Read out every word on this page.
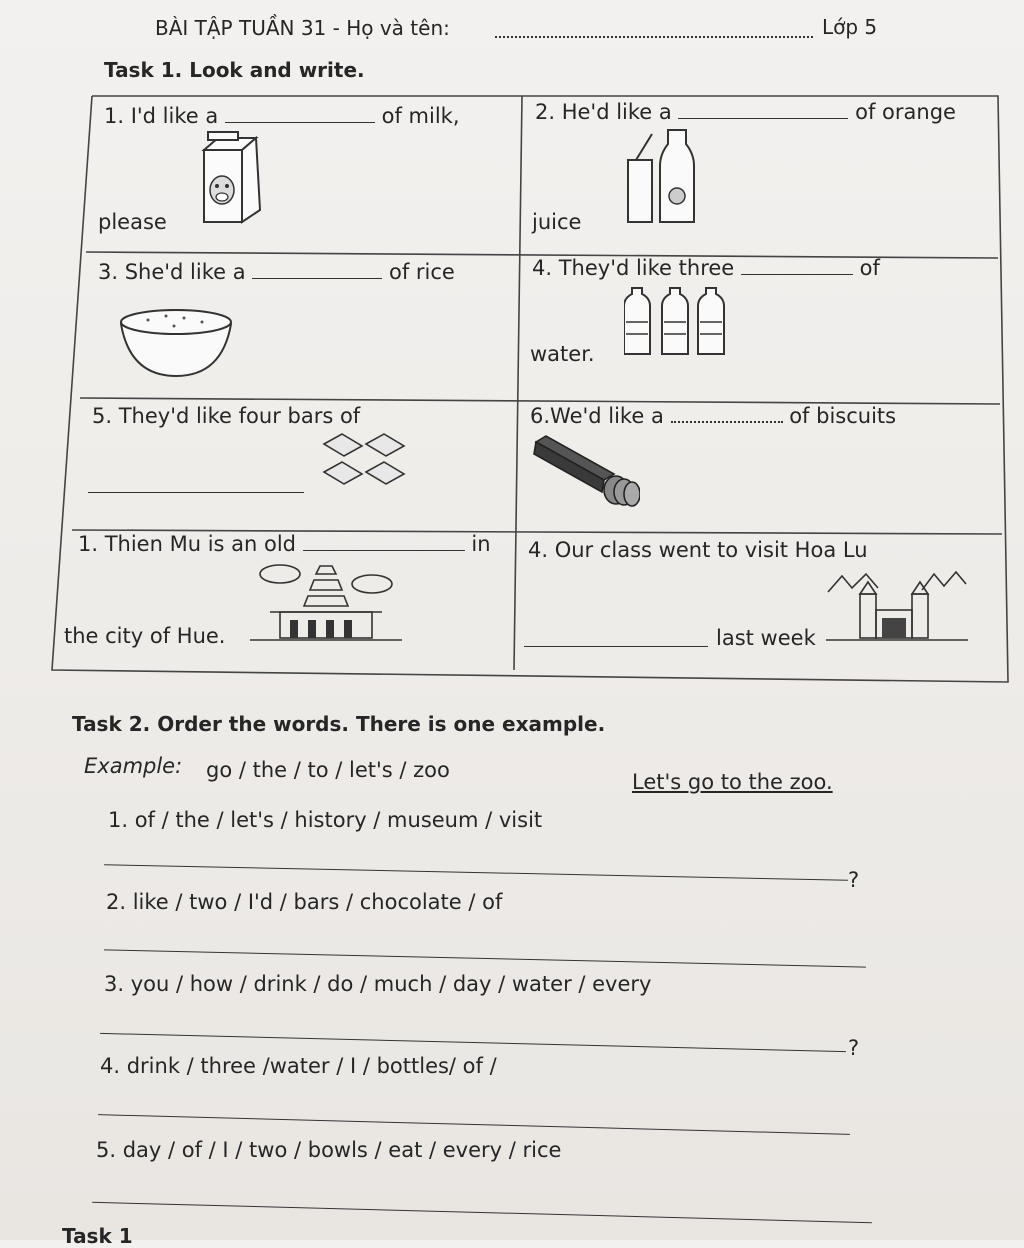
BÀI TẬP TUẦN 31 - Họ và tên:	Lớp 5
Task 1. Look and write.
1. I'd like a	of milk,
please
2. He'd like a	of orange
juice
3. She'd like a	of rice	4. They'd like three	of
water.
5. They'd like four bars of	6.We'd like a	of biscuits
1. Thien Mu is an old	in
the city of Hue.
4. Our class went to visit Hoa Lu
last week
Task 2. Order the words. There is one example.
Example: go / the / to / let's / zoo	Let's go to the zoo.
1. of / the / let's / history / museum / visit
?
2. like / two / I'd / bars / chocolate / of
3. you / how / drink / do / much / day / water / every
?
4. drink / three /water / I / bottles/ of /
5. day / of / I / two / bowls / eat / every / rice
Task 1
